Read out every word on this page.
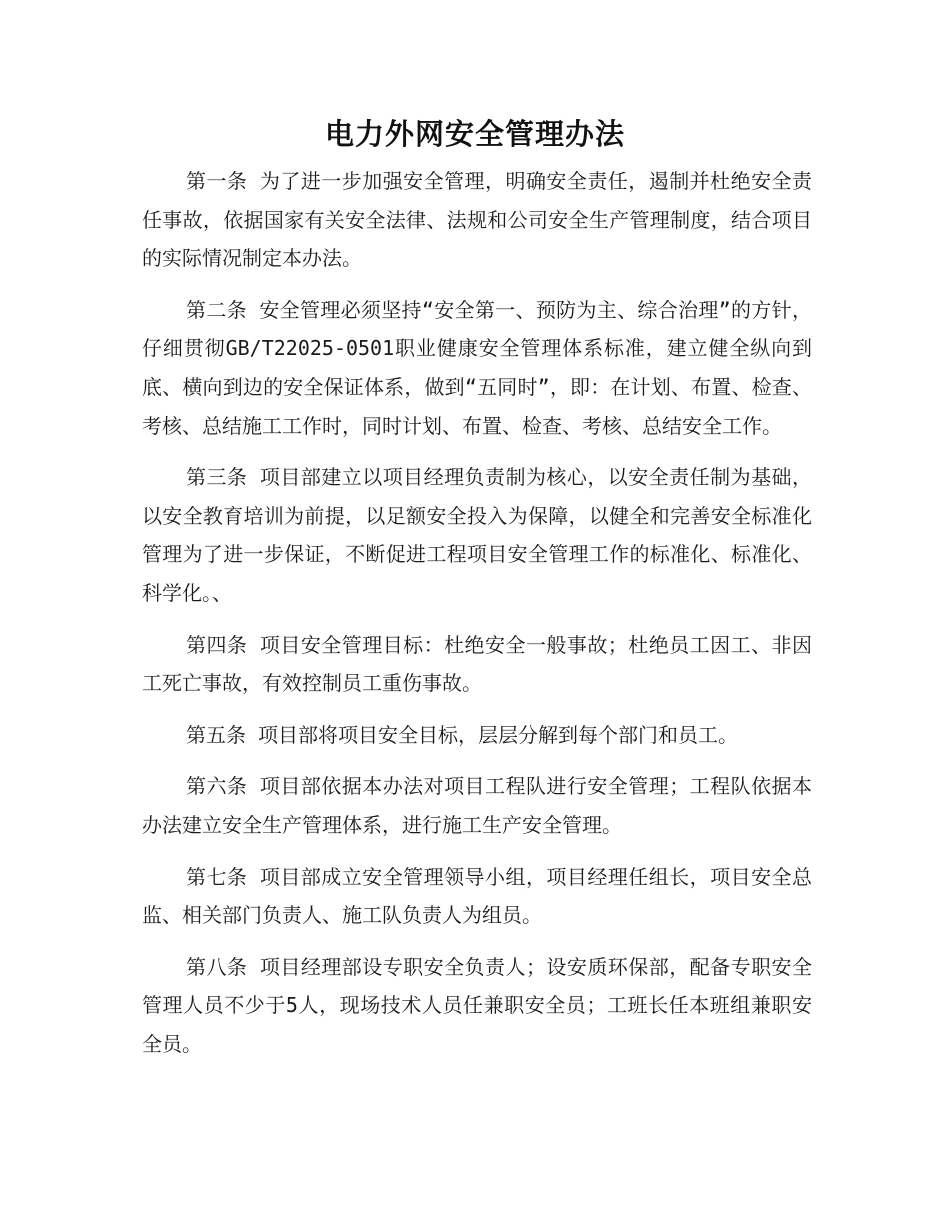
电力外网安全管理办法

第一条 为了进一步加强安全管理，明确安全责任，遏制并杜绝安全责任事故，依据国家有关安全法律、法规和公司安全生产管理制度，结合项目的实际情况制定本办法。

第二条 安全管理必须坚持“安全第一、预防为主、综合治理”的方针，仔细贯彻GB/T22025-0501职业健康安全管理体系标准，建立健全纵向到底、横向到边的安全保证体系，做到“五同时”，即：在计划、布置、检查、考核、总结施工工作时，同时计划、布置、检查、考核、总结安全工作。

第三条 项目部建立以项目经理负责制为核心，以安全责任制为基础，以安全教育培训为前提，以足额安全投入为保障，以健全和完善安全标准化管理为了进一步保证，不断促进工程项目安全管理工作的标准化、标准化、科学化。、

第四条 项目安全管理目标：杜绝安全一般事故；杜绝员工因工、非因工死亡事故，有效控制员工重伤事故。

第五条 项目部将项目安全目标，层层分解到每个部门和员工。

第六条 项目部依据本办法对项目工程队进行安全管理；工程队依据本办法建立安全生产管理体系，进行施工生产安全管理。

第七条 项目部成立安全管理领导小组，项目经理任组长，项目安全总监、相关部门负责人、施工队负责人为组员。

第八条 项目经理部设专职安全负责人；设安质环保部，配备专职安全管理人员不少于5人，现场技术人员任兼职安全员；工班长任本班组兼职安全员。
